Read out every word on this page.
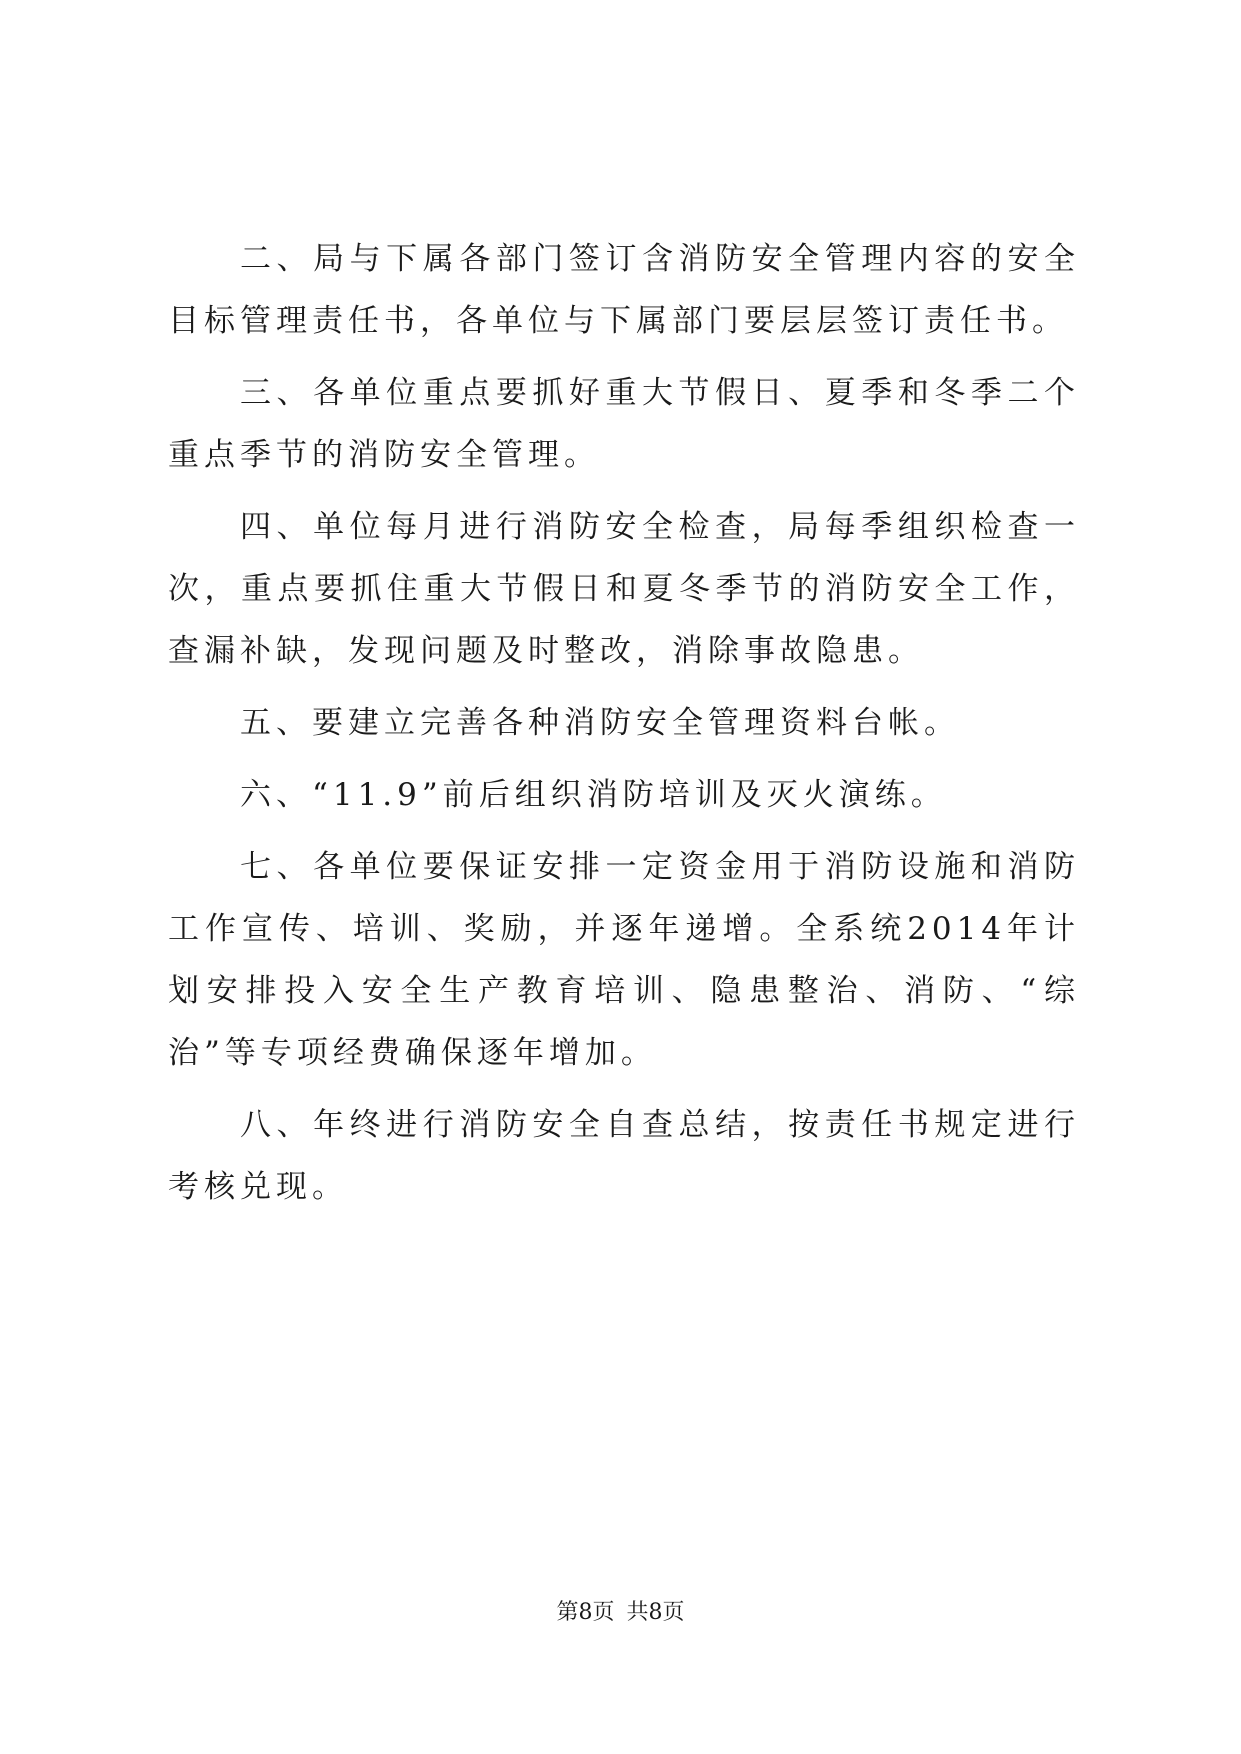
二、局与下属各部门签订含消防安全管理内容的安全目标管理责任书，各单位与下属部门要层层签订责任书。

三、各单位重点要抓好重大节假日、夏季和冬季二个重点季节的消防安全管理。

四、单位每月进行消防安全检查，局每季组织检查一次，重点要抓住重大节假日和夏冬季节的消防安全工作，查漏补缺，发现问题及时整改，消除事故隐患。

五、要建立完善各种消防安全管理资料台帐。

六、“11.9”前后组织消防培训及灭火演练。

七、各单位要保证安排一定资金用于消防设施和消防工作宣传、培训、奖励，并逐年递增。全系统2014年计划安排投入安全生产教育培训、隐患整治、消防、“综治”等专项经费确保逐年增加。

八、年终进行消防安全自查总结，按责任书规定进行考核兑现。

第8页 共8页
